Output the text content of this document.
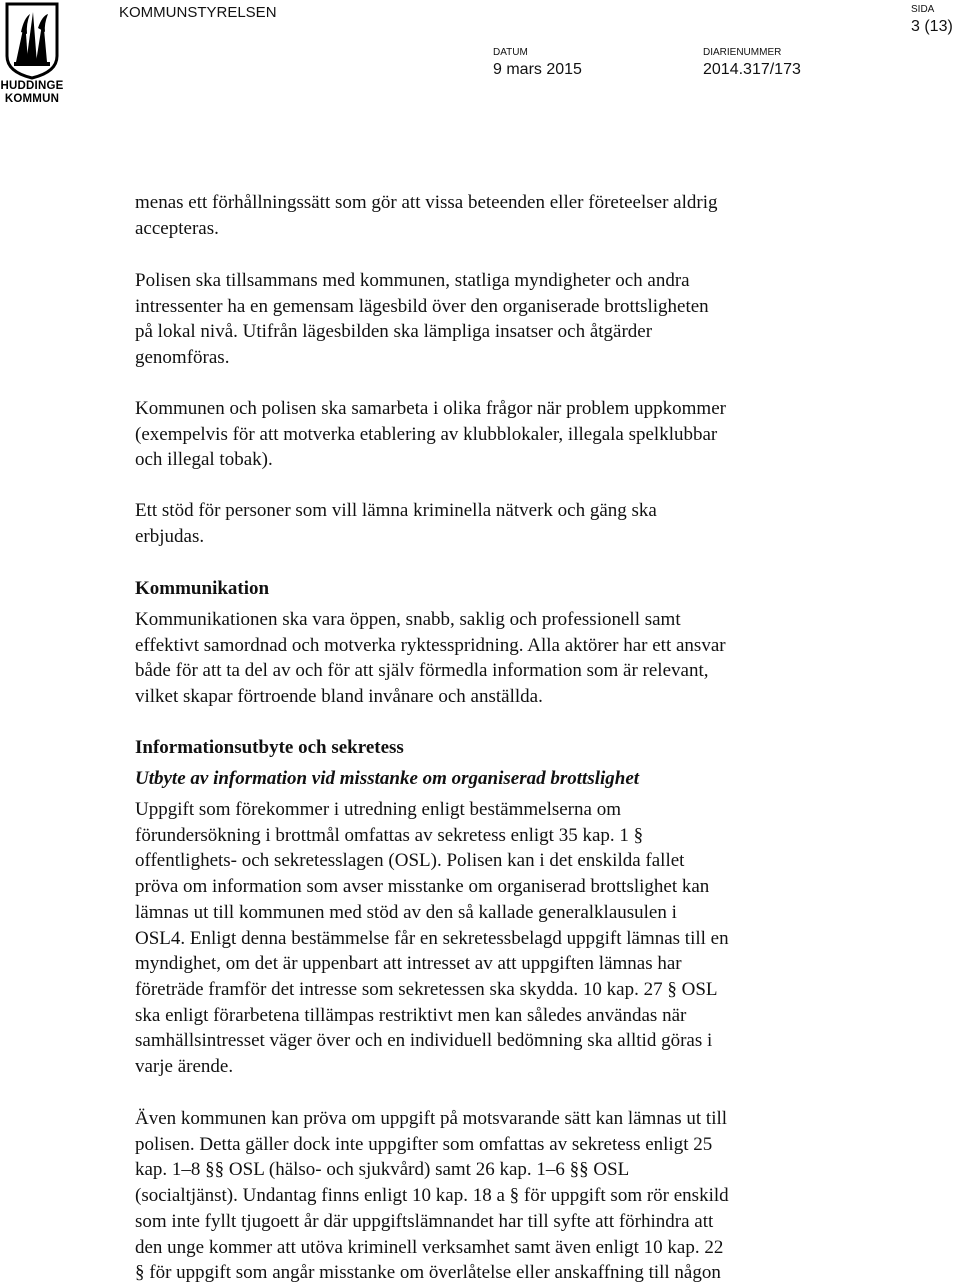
HUDDINGE
KOMMUN
KOMMUNSTYRELSEN
DATUM
9 mars 2015
DIARIENUMMER
2014.317/173
SIDA
3 (13)

menas ett förhållningssätt som gör att vissa beteenden eller företeelser aldrig

accepteras.

Polisen ska tillsammans med kommunen, statliga myndigheter och andra

intressenter ha en gemensam lägesbild över den organiserade brottsligheten

på lokal nivå. Utifrån lägesbilden ska lämpliga insatser och åtgärder

genomföras.

Kommunen och polisen ska samarbeta i olika frågor när problem uppkommer

(exempelvis för att motverka etablering av klubblokaler, illegala spelklubbar

och illegal tobak).

Ett stöd för personer som vill lämna kriminella nätverk och gäng ska

erbjudas.

Kommunikation

Kommunikationen ska vara öppen, snabb, saklig och professionell samt

effektivt samordnad och motverka ryktesspridning. Alla aktörer har ett ansvar

både för att ta del av och för att själv förmedla information som är relevant,

vilket skapar förtroende bland invånare och anställda.

Informationsutbyte och sekretess
Utbyte av information vid misstanke om organiserad brottslighet

Uppgift som förekommer i utredning enligt bestämmelserna om

förundersökning i brottmål omfattas av sekretess enligt 35 kap. 1 §

offentlighets- och sekretesslagen (OSL). Polisen kan i det enskilda fallet

pröva om information som avser misstanke om organiserad brottslighet kan

lämnas ut till kommunen med stöd av den så kallade generalklausulen i

OSL4. Enligt denna bestämmelse får en sekretessbelagd uppgift lämnas till en

myndighet, om det är uppenbart att intresset av att uppgiften lämnas har

företräde framför det intresse som sekretessen ska skydda. 10 kap. 27 § OSL

ska enligt förarbetena tillämpas restriktivt men kan således användas när

samhällsintresset väger över och en individuell bedömning ska alltid göras i

varje ärende.

Även kommunen kan pröva om uppgift på motsvarande sätt kan lämnas ut till

polisen. Detta gäller dock inte uppgifter som omfattas av sekretess enligt 25

kap. 1–8 §§ OSL (hälso- och sjukvård) samt 26 kap. 1–6 §§ OSL

(socialtjänst). Undantag finns enligt 10 kap. 18 a § för uppgift som rör enskild

som inte fyllt tjugoett år där uppgiftslämnandet har till syfte att förhindra att

den unge kommer att utöva kriminell verksamhet samt även enligt 10 kap. 22

§ för uppgift som angår misstanke om överlåtelse eller anskaffning till någon
